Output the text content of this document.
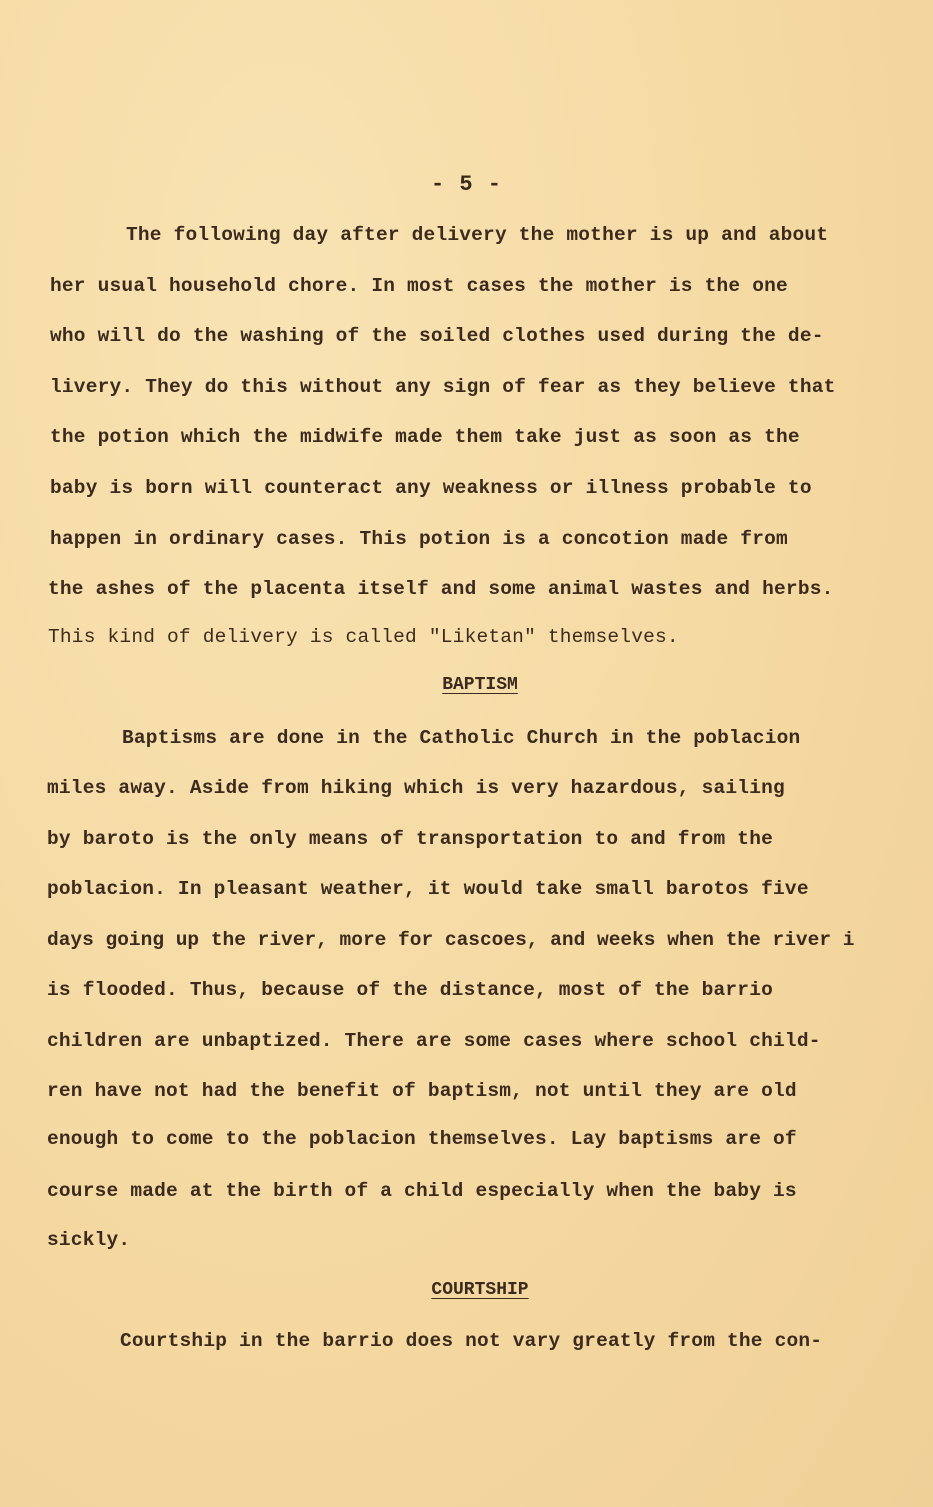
- 5 -
The following day after delivery the mother is up and about
her usual household chore. In most cases the mother is the one
who will do the washing of the soiled clothes used during the de-
livery. They do this without any sign of fear as they believe that
the potion which the midwife made them take just as soon as the
baby is born will counteract any weakness or illness probable to
happen in ordinary cases. This potion is a concotion made from
the ashes of the placenta itself and some animal wastes and herbs.
This kind of delivery is called "Liketan" themselves.
BAPTISM
Baptisms are done in the Catholic Church in the poblacion
miles away. Aside from hiking which is very hazardous, sailing
by baroto is the only means of transportation to and from the
poblacion. In pleasant weather, it would take small barotos five
days going up the river, more for cascoes, and weeks when the river i
is flooded. Thus, because of the distance, most of the barrio
children are unbaptized. There are some cases where school child-
ren have not had the benefit of baptism, not until they are old
enough to come to the poblacion themselves. Lay baptisms are of
course made at the birth of a child especially when the baby is
sickly.
COURTSHIP
Courtship in the barrio does not vary greatly from the con-
